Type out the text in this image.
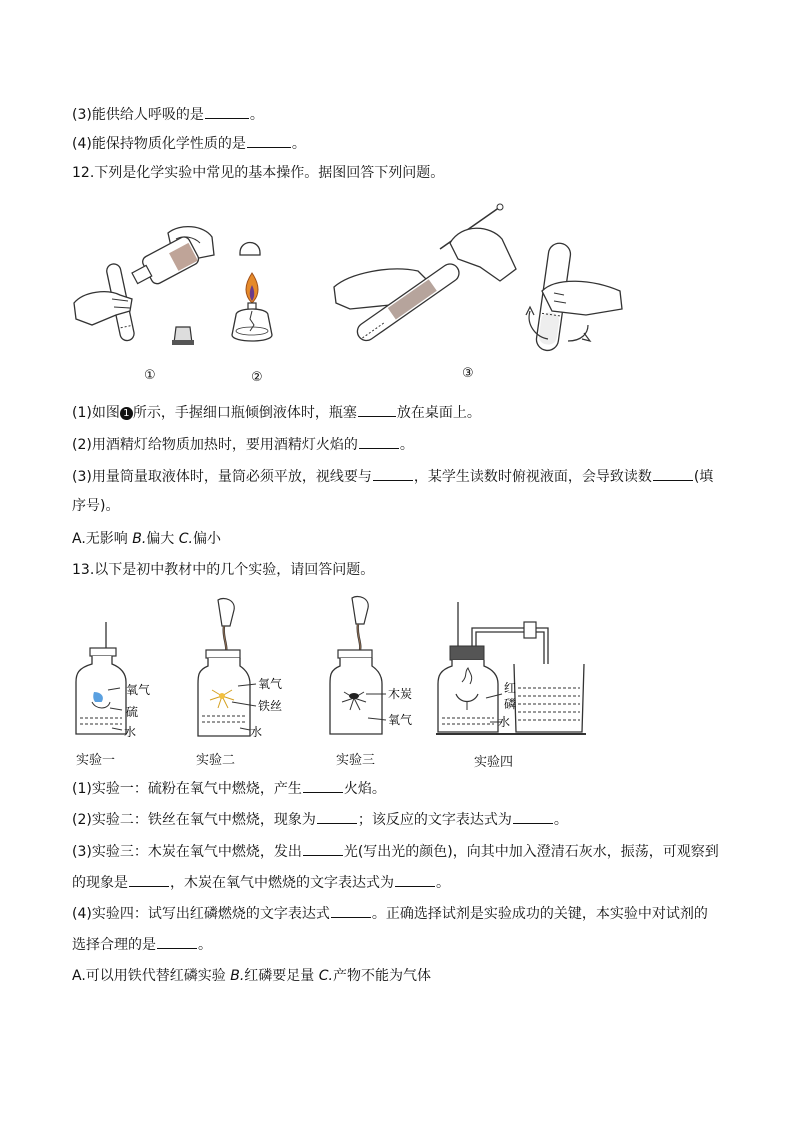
(3)能供给人呼吸的是	。
(4)能保持物质化学性质的是	。
12.下列是化学实验中常见的基本操作。据图回答下列问题。
①	②	③
(1)如图 1 所示，手握细口瓶倾倒液体时，瓶塞	放在桌面上。
(2)用酒精灯给物质加热时，要用酒精灯火焰的	。
(3)用量筒量取液体时，量筒必须平放，视线要与	，某学生读数时俯视液面，会导致读数	(填
序号)。
A.无影响 B.偏大 C.偏小
13.以下是初中教材中的几个实验，请回答问题。
氧气
硫
水
实验一
氧气
铁丝
水
实验二
木炭
氧气
实验三
红
磷
水
实验四
(1)实验一：硫粉在氧气中燃烧，产生	火焰。
(2)实验二：铁丝在氧气中燃烧，现象为	；该反应的文字表达式为	。
(3)实验三：木炭在氧气中燃烧，发出	光(写出光的颜色)，向其中加入澄清石灰水，振荡，可观察到
的现象是	，木炭在氧气中燃烧的文字表达式为	。
(4)实验四：试写出红磷燃烧的文字表达式	。正确选择试剂是实验成功的关键，本实验中对试剂的
选择合理的是	。
A.可以用铁代替红磷实验 B.红磷要足量 C.产物不能为气体
